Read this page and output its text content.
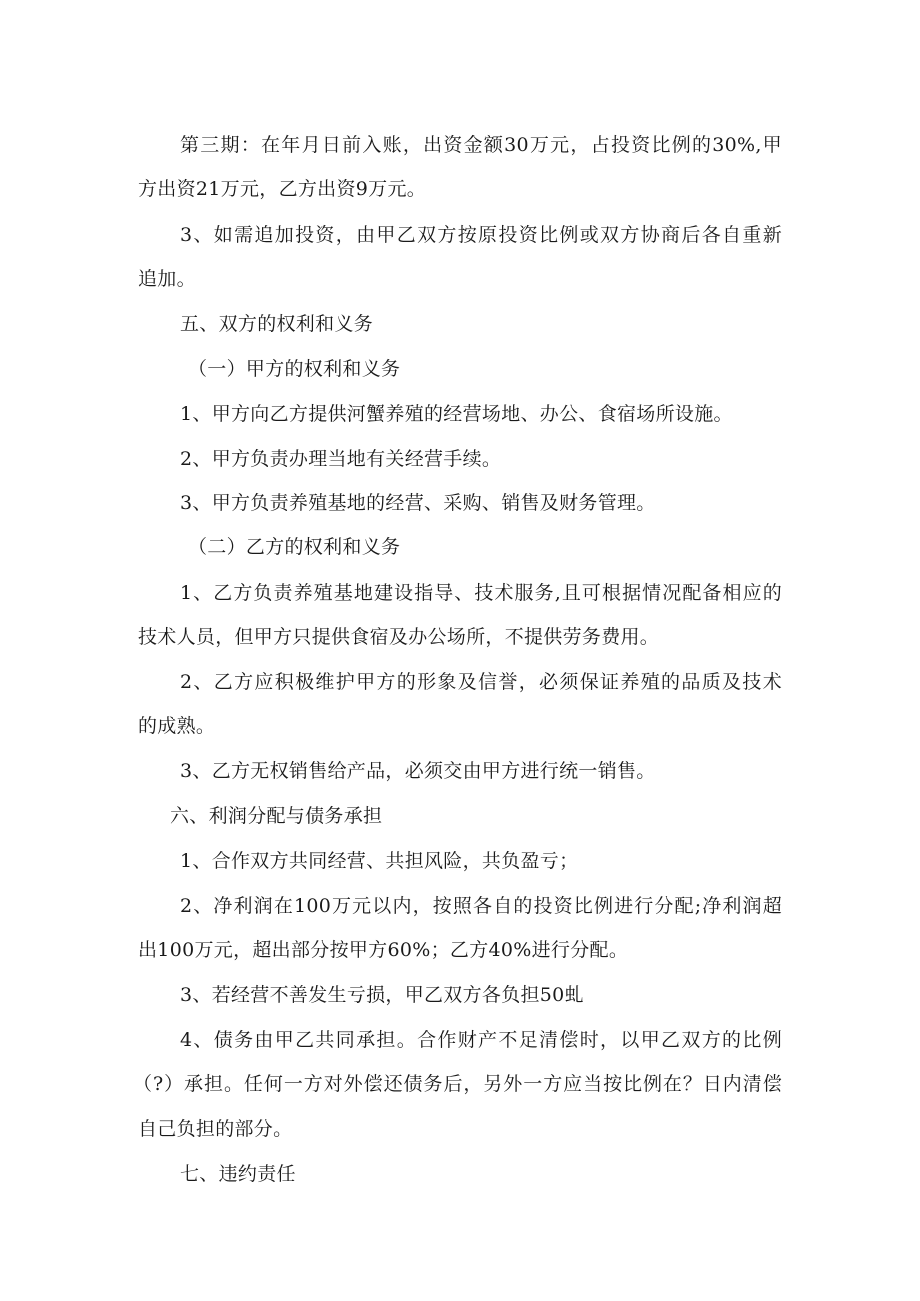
第三期：在年月日前入账，出资金额30万元，占投资比例的30%,甲
方出资21万元，乙方出资9万元。
3、如需追加投资，由甲乙双方按原投资比例或双方协商后各自重新
追加。
五、双方的权利和义务
（一）甲方的权利和义务
1、甲方向乙方提供河蟹养殖的经营场地、办公、食宿场所设施。
2、甲方负责办理当地有关经营手续。
3、甲方负责养殖基地的经营、采购、销售及财务管理。
（二）乙方的权利和义务
1、乙方负责养殖基地建设指导、技术服务,且可根据情况配备相应的
技术人员，但甲方只提供食宿及办公场所，不提供劳务费用。
2、乙方应积极维护甲方的形象及信誉，必须保证养殖的品质及技术
的成熟。
3、乙方无权销售给产品，必须交由甲方进行统一销售。
六、利润分配与债务承担
1、合作双方共同经营、共担风险，共负盈亏；
2、净利润在100万元以内，按照各自的投资比例进行分配;净利润超
出100万元，超出部分按甲方60%；乙方40%进行分配。
3、若经营不善发生亏损，甲乙双方各负担50虬
4、债务由甲乙共同承担。合作财产不足清偿时，以甲乙双方的比例
（?）承担。任何一方对外偿还债务后，另外一方应当按比例在？日内清偿
自己负担的部分。
七、违约责任
